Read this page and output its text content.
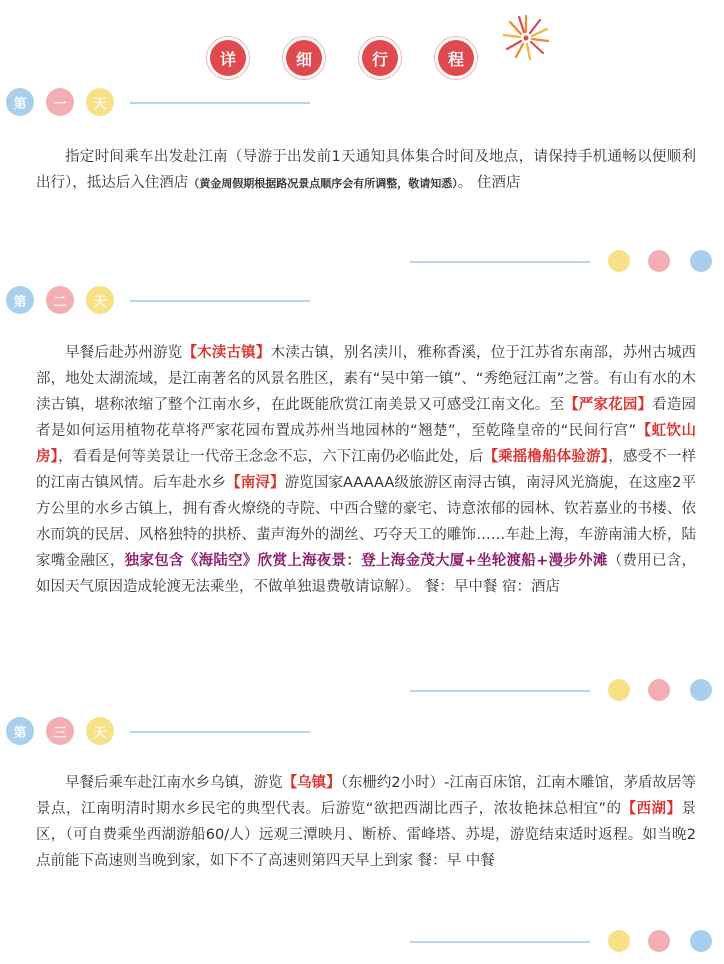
详	细	行	程
第	一	天
指定时间乘车出发赴江南（导游于出发前1天通知具体集合时间及地点，请保持手机通畅以便顺利出行），抵达后入住酒店（黄金周假期根据路况景点顺序会有所调整，敬请知悉）。 住酒店
第	二	天
早餐后赴苏州游览【木渎古镇】木渎古镇，别名渎川，雅称香溪，位于江苏省东南部，苏州古城西部，地处太湖流域，是江南著名的风景名胜区，素有“吴中第一镇”、“秀绝冠江南”之誉。有山有水的木渎古镇，堪称浓缩了整个江南水乡，在此既能欣赏江南美景又可感受江南文化。至【严家花园】看造园者是如何运用植物花草将严家花园布置成苏州当地园林的“翘楚”，至乾隆皇帝的“民间行宫”【虹饮山房】，看看是何等美景让一代帝王念念不忘，六下江南仍必临此处，后【乘摇橹船体验游】，感受不一样的江南古镇风情。后车赴水乡【南浔】游览国家AAAAA级旅游区南浔古镇，南浔风光旖旎，在这座2平方公里的水乡古镇上，拥有香火燎绕的寺院、中西合璧的豪宅、诗意浓郁的园林、钦若嘉业的书楼、依水而筑的民居、风格独特的拱桥、蜚声海外的湖丝、巧夺天工的雕饰……车赴上海，车游南浦大桥，陆家嘴金融区，独家包含《海陆空》欣赏上海夜景：登上海金茂大厦+坐轮渡船+漫步外滩（费用已含，如因天气原因造成轮渡无法乘坐，不做单独退费敬请谅解）。 餐：早中餐 宿：酒店
第	三	天
早餐后乘车赴江南水乡乌镇，游览【乌镇】（东栅约2小时）-江南百床馆，江南木雕馆，茅盾故居等景点，江南明清时期水乡民宅的典型代表。后游览“欲把西湖比西子，浓妆艳抹总相宜”的【西湖】景区，（可自费乘坐西湖游船60/人）远观三潭映月、断桥、雷峰塔、苏堤，游览结束适时返程。如当晚2点前能下高速则当晚到家，如下不了高速则第四天早上到家 餐：早 中餐
